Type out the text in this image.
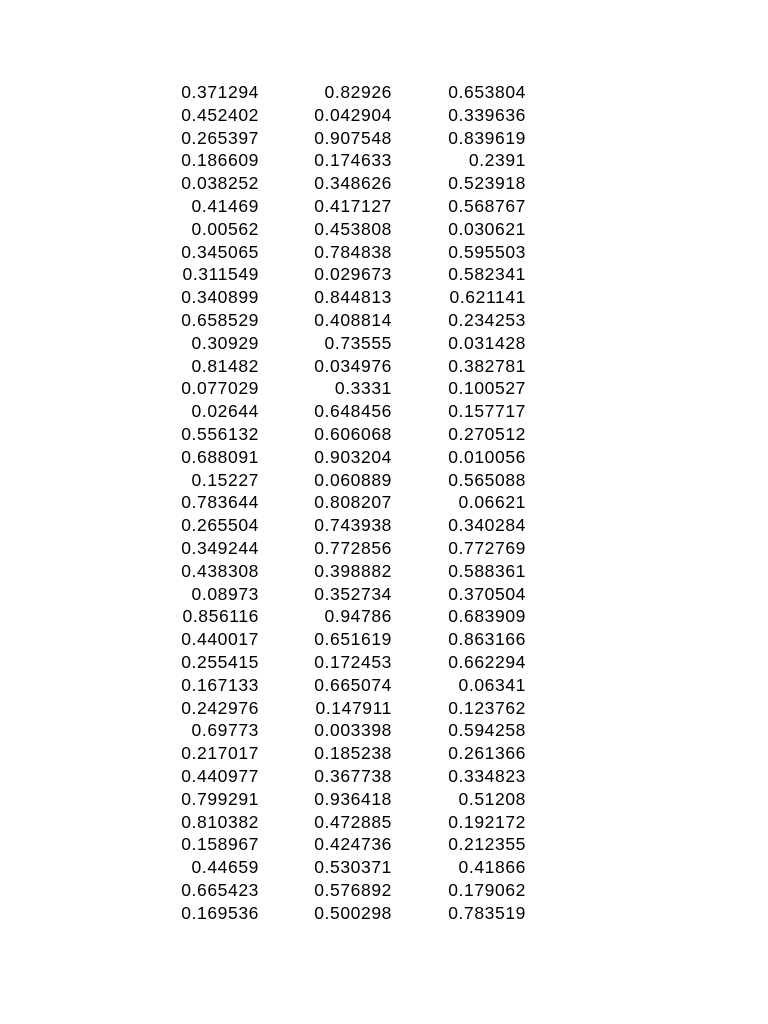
0.371294	0.82926	0.653804
0.452402	0.042904	0.339636
0.265397	0.907548	0.839619
0.186609	0.174633	0.2391
0.038252	0.348626	0.523918
0.41469	0.417127	0.568767
0.00562	0.453808	0.030621
0.345065	0.784838	0.595503
0.311549	0.029673	0.582341
0.340899	0.844813	0.621141
0.658529	0.408814	0.234253
0.30929	0.73555	0.031428
0.81482	0.034976	0.382781
0.077029	0.3331	0.100527
0.02644	0.648456	0.157717
0.556132	0.606068	0.270512
0.688091	0.903204	0.010056
0.15227	0.060889	0.565088
0.783644	0.808207	0.06621
0.265504	0.743938	0.340284
0.349244	0.772856	0.772769
0.438308	0.398882	0.588361
0.08973	0.352734	0.370504
0.856116	0.94786	0.683909
0.440017	0.651619	0.863166
0.255415	0.172453	0.662294
0.167133	0.665074	0.06341
0.242976	0.147911	0.123762
0.69773	0.003398	0.594258
0.217017	0.185238	0.261366
0.440977	0.367738	0.334823
0.799291	0.936418	0.51208
0.810382	0.472885	0.192172
0.158967	0.424736	0.212355
0.44659	0.530371	0.41866
0.665423	0.576892	0.179062
0.169536	0.500298	0.783519
